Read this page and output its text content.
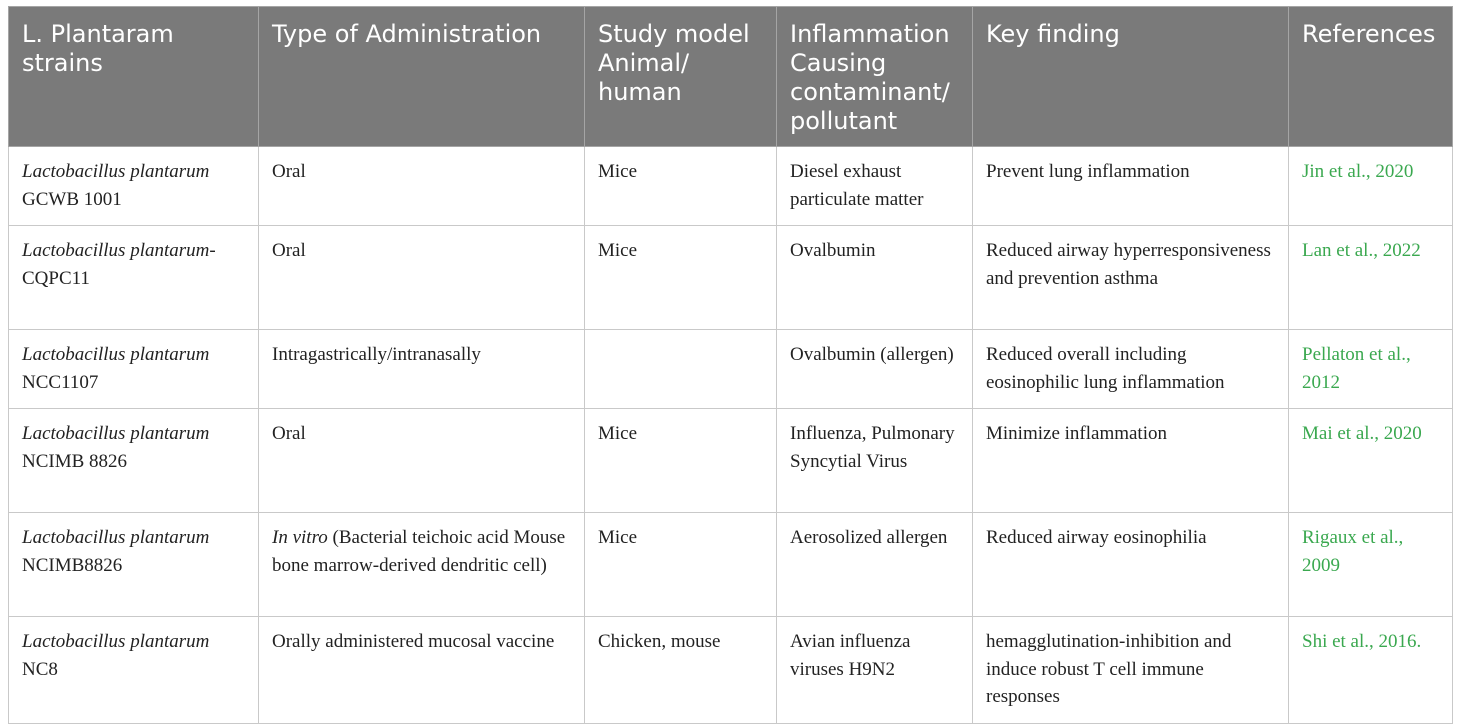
L. Plantaram strains	Type of Administration	Study model Animal/ human	Inflammation Causing contaminant/ pollutant	Key finding	References
Lactobacillus plantarum GCWB 1001	Oral	Mice	Diesel exhaust particulate matter	Prevent lung inflammation	Jin et al., 2020

Lactobacillus plantarum-CQPC11	Oral	Mice	Ovalbumin	Reduced airway hyperresponsiveness and prevention asthma	Lan et al., 2022
Lactobacillus plantarum NCC1107	Intragastrically/intranasally		Ovalbumin (allergen)	Reduced overall including eosinophilic lung inflammation	Pellaton et al., 2012
Lactobacillus plantarum NCIMB 8826	Oral	Mice	Influenza, Pulmonary Syncytial Virus	Minimize inflammation	Mai et al., 2020
Lactobacillus plantarum NCIMB8826	In vitro (Bacterial teichoic acid Mouse bone marrow-derived dendritic cell)	Mice	Aerosolized allergen	Reduced airway eosinophilia	Rigaux et al., 2009
Lactobacillus plantarum NC8	Orally administered mucosal vaccine	Chicken, mouse	Avian influenza viruses H9N2	hemagglutination-inhibition and induce robust T cell immune responses	Shi et al., 2016.
